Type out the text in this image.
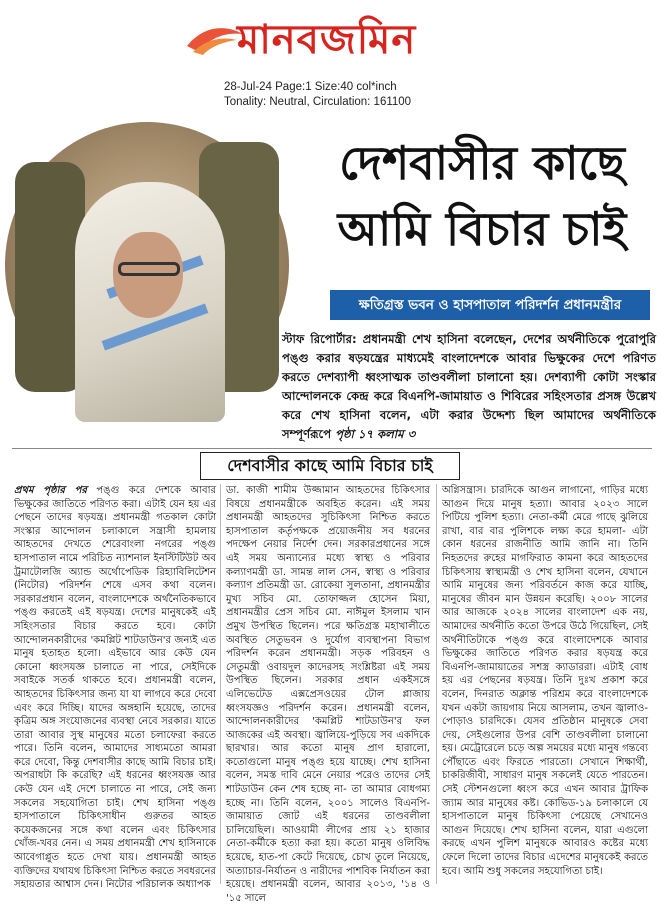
মানবজমিন
28-Jul-24 Page:1 Size:40 col*inch
Tonality: Neutral, Circulation: 161100
দেশবাসীর কাছে
আমি বিচার চাই
ক্ষতিগ্রস্ত ভবন ও হাসপাতাল পরিদর্শন প্রধানমন্ত্রীর
স্টাফ রিপোর্টার: প্রধানমন্ত্রী শেখ হাসিনা বলেছেন, দেশের অর্থনীতিকে পুরোপুরি পঙ্গু করার ষড়যন্ত্রের মাধ্যমেই বাংলাদেশকে আবার ভিক্ষুকের দেশে পরিণত করতে দেশব্যাপী ধ্বংসাত্মক তাণ্ডবলীলা চালানো হয়। দেশব্যাপী কোটা সংস্কার আন্দোলনকে কেন্দ্র করে বিএনপি-জামায়াত ও শিবিরের সহিংসতার প্রসঙ্গ উল্লেখ করে শেখ হাসিনা বলেন, এটা করার উদ্দেশ্য ছিল আমাদের অর্থনীতিকে সম্পূর্ণরূপে পৃষ্ঠা ১৭ কলাম ৩
দেশবাসীর কাছে আমি বিচার চাই
প্রথম পৃষ্ঠার পর পঙ্গু করে দেশকে আবার ভিক্ষুকের জাতিতে পরিণত করা। এটাই যেন হয় এর পেছনে তাদের ষড়যন্ত্র। প্রধানমন্ত্রী গতকাল কোটা সংস্কার আন্দোলন চলাকালে সন্ত্রাসী হামলায় আহতদের দেখতে শেরেবাংলা নগরের পঙ্গু হাসপাতাল নামে পরিচিত ন্যাশনাল ইনস্টিটিউট অব ট্রমাটোলজি অ্যান্ড অর্থোপেডিক রিহ্যাবিলিটেশন (নিটোর) পরিদর্শন শেষে এসব কথা বলেন। সরকারপ্রধান বলেন, বাংলাদেশকে অর্থনৈতিকভাবে পঙ্গু করতেই এই ষড়যন্ত্র। দেশের মানুষকেই এই সহিংসতার বিচার করতে হবে। কোটা আন্দোলনকারীদের 'কমপ্লিট শাটডাউন'র জন্যই এত মানুষ হতাহত হলো। এইভাবে আর কেউ যেন কোনো ধ্বংসযজ্ঞ চালাতে না পারে, সেইদিকে সবাইকে সতর্ক থাকতে হবে। প্রধানমন্ত্রী বলেন, আহতদের চিকিৎসার জন্য যা যা লাগবে করে দেবো এবং করে দিচ্ছি। যাদের অঙ্গহানি হয়েছে, তাদের কৃত্রিম অঙ্গ সংযোজনের ব্যবস্থা নেবে সরকার। যাতে তারা আবার সুস্থ মানুষের মতো চলাফেরা করতে পারে। তিনি বলেন, আমাদের সাধ্যমতো আমরা করে দেবো, কিন্তু দেশবাসীর কাছে আমি বিচার চাই। অপরাধটা কি করেছি? এই ধরনের ধ্বংসযজ্ঞ আর কেউ যেন এই দেশে চালাতে না পারে, সেই জন্য সকলের সহযোগিতা চাই। শেখ হাসিনা পঙ্গু হাসপাতালে চিকিৎসাধীন গুরুতর আহত কয়েকজনের সঙ্গে কথা বলেন এবং চিকিৎসার খোঁজ-খবর নেন। এ সময় প্রধানমন্ত্রী শেখ হাসিনাকে আবেগাপ্লুত হতে দেখা যায়। প্রধানমন্ত্রী আহত ব্যক্তিদের যথাযথ চিকিৎসা নিশ্চিত করতে সবধরনের সহায়তার আশ্বাস দেন। নিটোর পরিচালক অধ্যাপক
ডা. কাজী শামীম উজ্জামান আহতদের চিকিৎসার বিষয়ে প্রধানমন্ত্রীকে অবহিত করেন। এই সময় প্রধানমন্ত্রী আহতদের সুচিকিৎসা নিশ্চিত করতে হাসপাতাল কর্তৃপক্ষকে প্রয়োজনীয় সব ধরনের পদক্ষেপ নেয়ার নির্দেশ দেন। সরকারপ্রধানের সঙ্গে এই সময় অন্যান্যের মধ্যে স্বাস্থ্য ও পরিবার কল্যাণমন্ত্রী ডা. সামন্ত লাল সেন, স্বাস্থ্য ও পরিবার কল্যাণ প্রতিমন্ত্রী ডা. রোকেয়া সুলতানা, প্রধানমন্ত্রীর মুখ্য সচিব মো. তোফাজ্জল হোসেন মিয়া, প্রধানমন্ত্রীর প্রেস সচিব মো. নাঈমুল ইসলাম খান প্রমুখ উপস্থিত ছিলেন। পরে ক্ষতিগ্রস্ত মহাখালীতে অবস্থিত সেতুভবন ও দুর্যোগ ব্যবস্থাপনা বিভাগ পরিদর্শন করেন প্রধানমন্ত্রী। সড়ক পরিবহন ও সেতুমন্ত্রী ওবায়দুল কাদেরসহ সংশ্লিষ্টরা এই সময় উপস্থিত ছিলেন। সরকার প্রধান একইসঙ্গে এলিভেটেড এক্সপ্রেসওয়ের টোল প্লাজায় ধ্বংসযজ্ঞও পরিদর্শন করেন। প্রধানমন্ত্রী বলেন, আন্দোলনকারীদের 'কমপ্লিট শাটডাউন'র ফল আজকের এই অবস্থা। জ্বালিয়ে-পুড়িয়ে সব একদিকে ছারখার। আর কতো মানুষ প্রাণ হারালো, কতোগুলো মানুষ পঙ্গু হয়ে যাচ্ছে। শেখ হাসিনা বলেন, সমস্ত দাবি মেনে নেয়ার পরেও তাদের সেই শাটডাউন কেন শেষ হচ্ছে না- তা আমার বোধগম্য হচ্ছে না। তিনি বলেন, ২০০১ সালেও বিএনপি-জামায়াত জোট এই ধরনের তাণ্ডবলীলা চালিয়েছিল। আওয়ামী লীগের প্রায় ২১ হাজার নেতা-কর্মীকে হত্যা করা হয়। কতো মানুষ ওলিবিদ্ধ হয়েছে, হাত-পা কেটে দিয়েছে, চোখ তুলে নিয়েছে, অত্যাচার-নির্যাতন ও নারীদের পাশবিক নির্যাতন করা হয়েছে। প্রধানমন্ত্রী বলেন, আবার ২০১৩, '১৪ ও '১৫ সালে
অগ্নিসন্ত্রাস। চারদিকে আগুন লাগানো, গাড়ির মধ্যে আগুন দিয়ে মানুষ হত্যা। আবার ২০২৩ সালে পিটিয়ে পুলিশ হত্যা। নেতা-কর্মী মেরে গাছে ঝুলিয়ে রাখা, বার বার পুলিশকে লক্ষ্য করে হামলা- এটা কোন ধরনের রাজনীতি আমি জানি না। তিনি নিহতদের রুহের মাগফিরাত কামনা করে আহতদের চিকিৎসায় স্বাস্থ্যমন্ত্রী ও শেখ হাসিনা বলেন, যেখানে আমি মানুষের জন্য পরিবর্তনে কাজ করে যাচ্ছি, মানুষের জীবন মান উন্নয়ন করেছি। ২০০৮ সালের আর আজকে ২০২৪ সালের বাংলাদেশ এক নয়, আমাদের অর্থনীতি কতো উপরে উঠে গিয়েছিল, সেই অর্থনীতিটাকে পঙ্গু করে বাংলাদেশকে আবার ভিক্ষুকের জাতিতে পরিণত করার ষড়যন্ত্র করে বিএনপি-জামায়াতের সশস্ত্র ক্যাডাররা। এটাই বোধ হয় এর পেছনের ষড়যন্ত্র। তিনি দুঃখ প্রকাশ করে বলেন, দিনরাত অক্লান্ত পরিশ্রম করে বাংলাদেশকে যখন একটা জায়গায় নিয়ে আসলাম, তখন জ্বালাও-পোড়াও চারদিকে। যেসব প্রতিষ্ঠান মানুষকে সেবা দেয়, সেইগুলোর উপর বেশি তাণ্ডবলীলা চালানো হয়। মেট্রোরেলে চড়ে অল্প সময়ের মধ্যে মানুষ গন্তব্যে পৌঁছাতে এবং ফিরতে পারতো। সেখানে শিক্ষার্থী, চাকরিজীবী, সাধারণ মানুষ সকলেই যেতে পারতেন। সেই স্টেশনগুলো ধ্বংস করে এখন আবার ট্রাফিক জ্যাম আর মানুষের কষ্ট। কোভিড-১৯ চলাকালে যে হাসপাতালে মানুষ চিকিৎসা পেয়েছে সেখানেও আগুন দিয়েছে। শেখ হাসিনা বলেন, যারা এগুলো করছে এখন পুলিশ মানুষকে আবারও কষ্টের মধ্যে ফেলে দিলো তাদের বিচার এদেশের মানুষকেই করতে হবে। আমি শুধু সকলের সহযোগিতা চাই।
